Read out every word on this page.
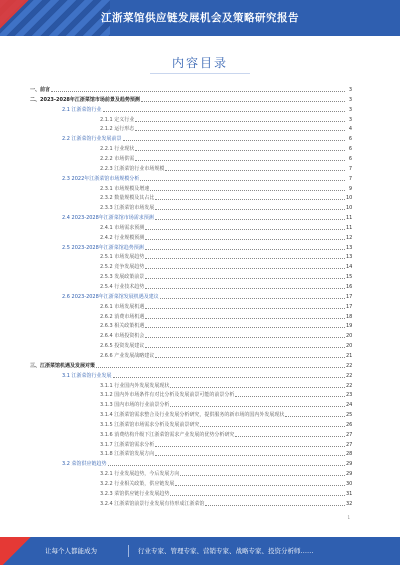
江浙菜馆供应链发展机会及策略研究报告
内容目录
一、前言	3
二、2023-2028年江浙菜馆市场前景及趋势预测	3
2.1 江浙菜馆行业	3
2.1.1 定义行业	3
2.1.2 运行形态	4
2.2 江浙菜馆行业发展前景	6
2.2.1 行业现状	6
2.2.2 市场供需	6
2.2.3 江浙菜馆行业市场规模	7
2.3 2022年江浙菜馆市场规模分析	7
2.3.1 市场规模及增速	9
2.3.2 数量规模及其占比	10
2.3.3 江浙菜馆市场发展	10
2.4 2023-2028年江浙菜馆市场需求预测	11
2.4.1 市场需求预测	11
2.4.2 行业规模预测	12
2.5 2023-2028年江浙菜馆趋势预测	13
2.5.1 市场发展趋势	13
2.5.2 竞争发展趋势	14
2.5.3 发展政策前景	15
2.5.4 行业技术趋势	16
2.6 2023-2028年江浙菜馆发展机遇及建议	17
2.6.1 市场发展机遇	17
2.6.2 消费市场机遇	18
2.6.3 相关政策机遇	19
2.6.4 市场投资机会	20
2.6.5 投资发展建议	20
2.6.6 产业发展战略建议	21
三、江浙菜馆机遇及发展对策	22
3.1 江浙菜馆行业发展	22
3.1.1 行业国内外发展发展现状	22
3.1.2 国内外市场条件有对比分析及发展前景可能的前景分析	23
3.1.3 国内市场的行业前景分析	24
3.1.4 江浙菜馆需求整合及行业发展分析研究，提供服务的新市场的国内外发展现状	25
3.1.5 江浙菜馆市场需求分析及发展前景研究	26
3.1.6 消费结构升级下江浙菜馆需求产业发展的优势分析研究	27
3.1.7 江浙菜馆需求分析	27
3.1.8 江浙菜馆发展方向	28
3.2 菜馆供应链趋势	29
3.2.1 行业发展趋势，今后发展方向	29
3.2.2 行业相关政策，供应链发展	30
3.2.3 菜馆供应链行业发展趋势	31
3.2.4 江浙菜馆前景行业发展有待形成江浙菜馆	32
1
让每个人都能成为	行业专家、管理专家、营销专家、战略专家、投资分析师……
